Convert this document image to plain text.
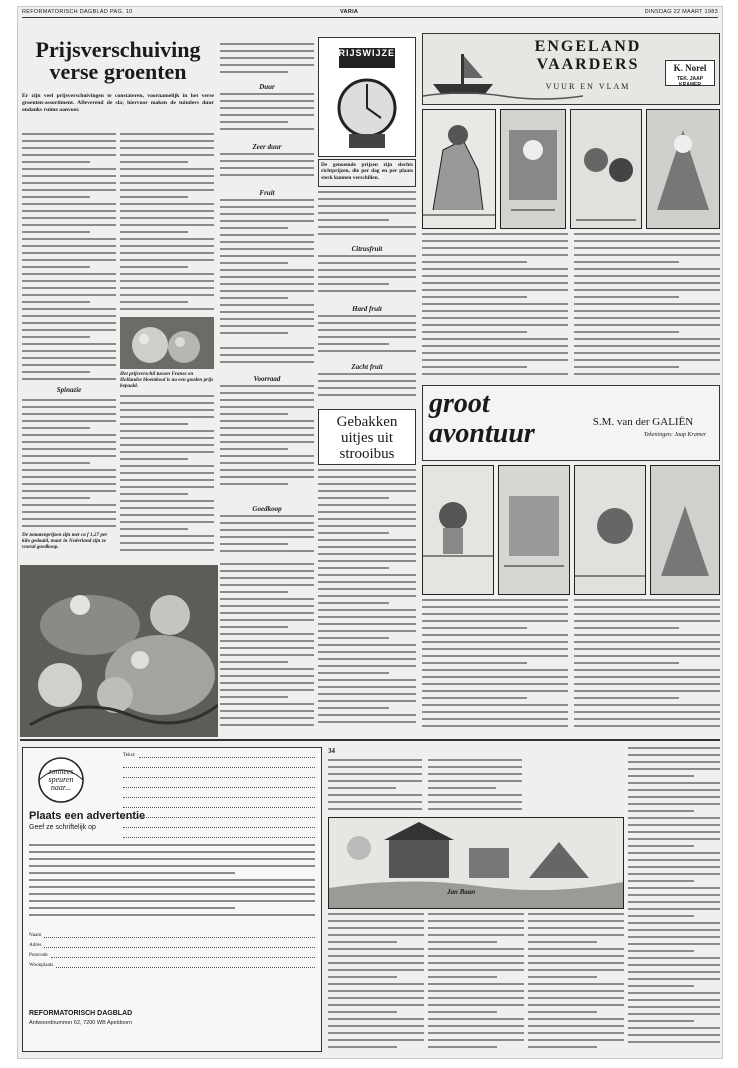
REFORMATORISCH DAGBLAD PAG. 10	VARIA	DINSDAG 22 MAART 1983
Prijsverschuiving
verse groenten
Er zijn veel prijsverschuivingen te constateren, voornamelijk in het verse groenten-assortiment. Afleverend de sla; hiervoor maken de tuinders duur ondanks ruime aanvoer.
Spinazie
De tomatenprijzen zijn met ca f 1,27 per kilo gedaald, maar in Nederland zijn ze vooral goedkoop.
Het prijsverschil tussen Franse en Hollandse bloemkool is na een goeden prijs bepaald.
Duur
Zeer duur
Fruit
Voorraad
Goedkoop
PRIJSWIJZER
De genoemde prijzen zijn slechts richtprijzen, die per dag en per plaats sterk kunnen verschillen.
Citrusfruit
Hard fruit
Zacht fruit
Gebakken
uitjes uit
strooibus
ENGELAND
VAARDERS
VUUR EN VLAM
K. Norel
TEK. JAAP KRAMER
groot
avontuur	S.M. van der GALIËN
Tekeningen: Jaap Kramer
zonnees
speuren
naar...
Plaats een advertentie
Geef ze schriftelijk op
Tekst:
Naam
Adres
Postcode
Woonplaats
REFORMATORISCH DAGBLAD
Antwoordnummer 62, 7200 WB Apeldoorn
34
Jan Baan
